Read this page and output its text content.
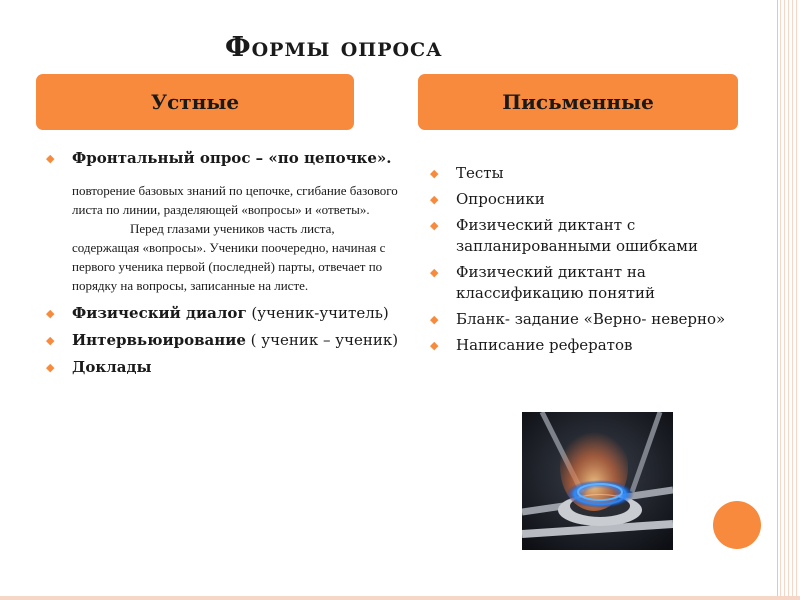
Формы опроса
Устные	Письменные
◆ Фронтальный опрос – «по цепочке».
повторение базовых знаний по цепочке, сгибание базового листа по линии, разделяющей «вопросы» и «ответы».
Перед глазами учеников часть листа, содержащая «вопросы». Ученики поочередно, начиная с первого ученика первой (последней) парты, отвечает по порядку на вопросы, записанные на листе.
◆ Физический диалог (ученик-учитель)
◆ Интервьюирование ( ученик – ученик)
◆ Доклады
◆ Тесты
◆ Опросники
◆ Физический диктант с запланированными ошибками
◆ Физический диктант на классификацию понятий
◆ Бланк- задание «Верно- неверно»
◆ Написание рефератов
